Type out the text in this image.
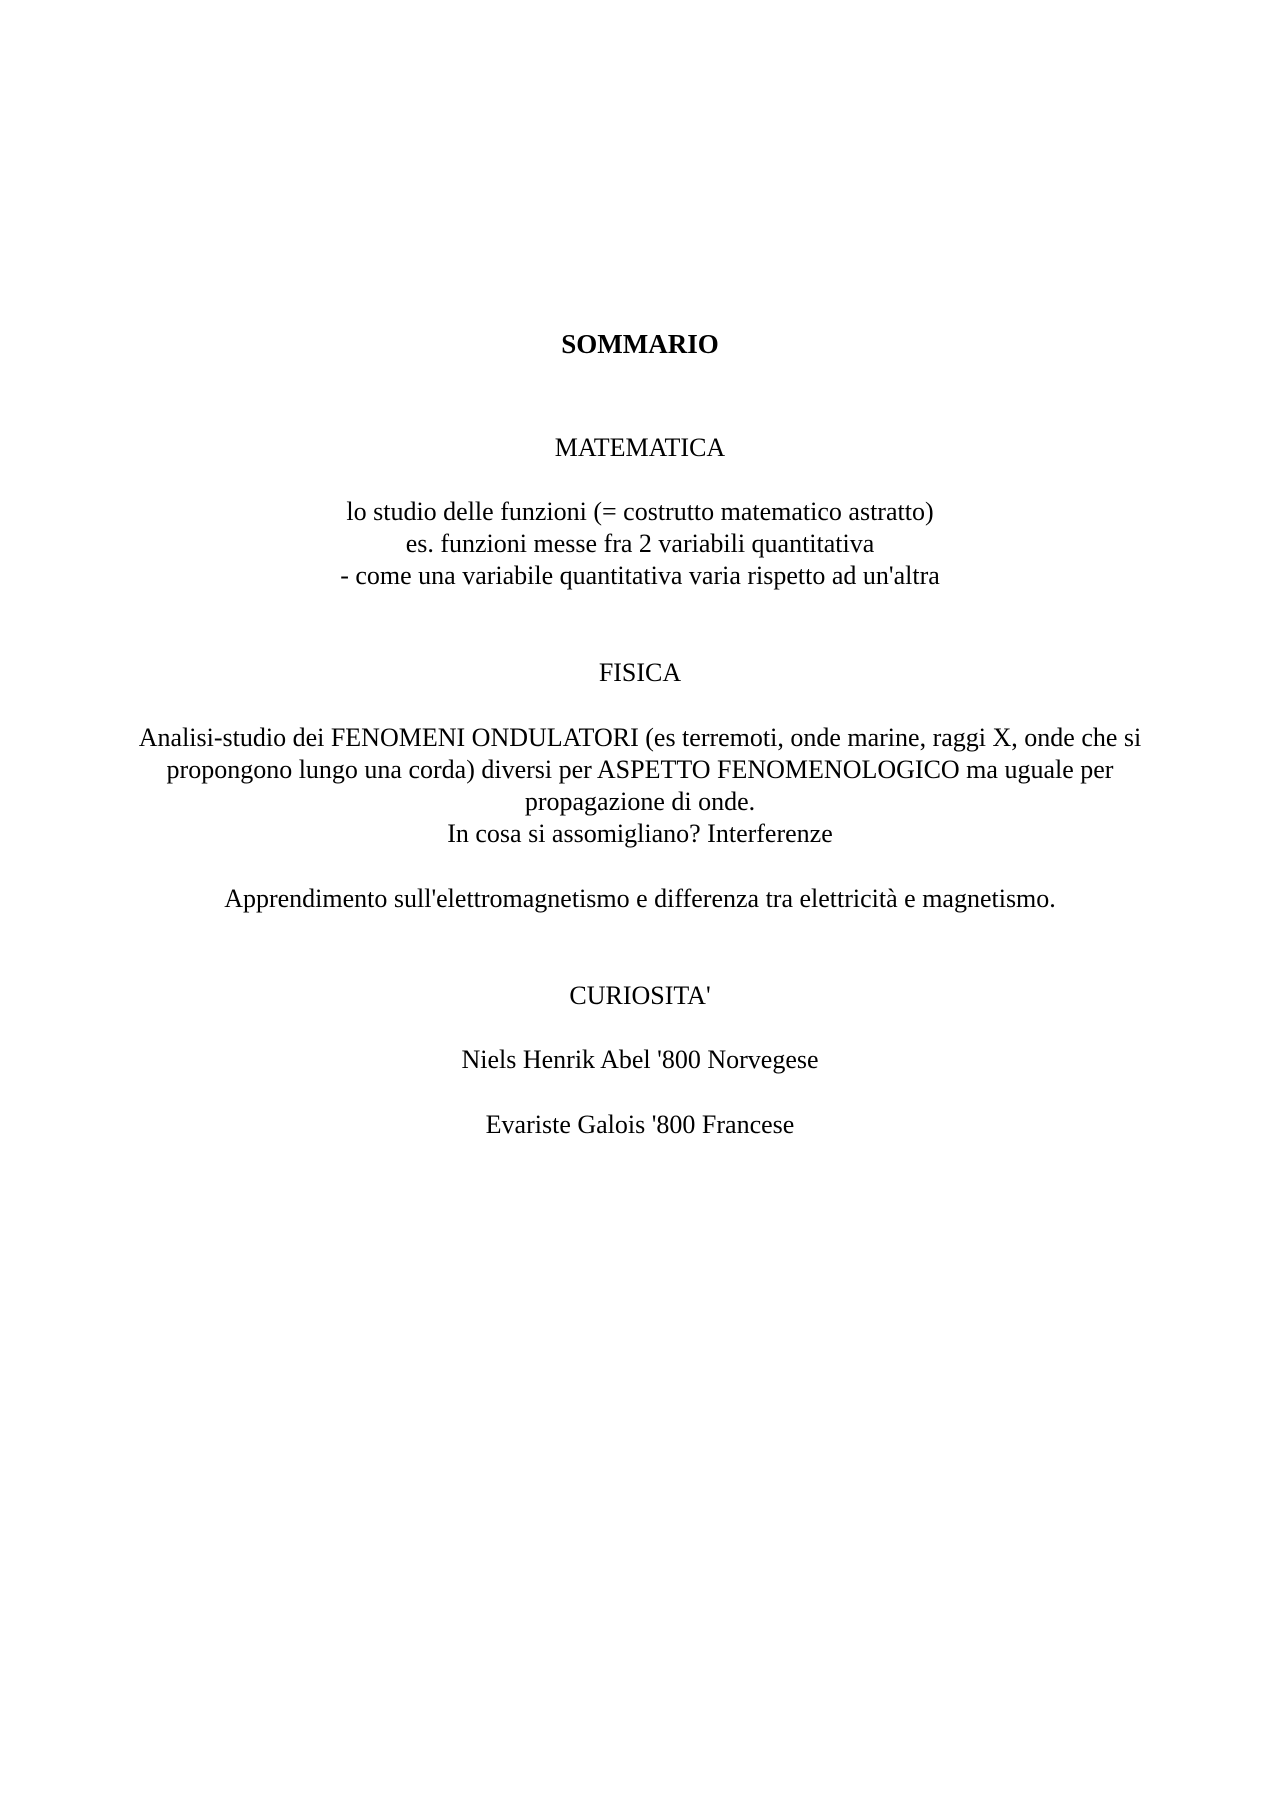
SOMMARIO
MATEMATICA
lo studio delle funzioni (= costrutto matematico astratto)
es. funzioni messe fra 2 variabili quantitativa
- come una variabile quantitativa varia rispetto ad un'altra
FISICA
Analisi-studio dei FENOMENI ONDULATORI (es terremoti, onde marine, raggi X, onde che si
propongono lungo una corda) diversi per ASPETTO FENOMENOLOGICO ma uguale per
propagazione di onde.
In cosa si assomigliano? Interferenze
Apprendimento sull'elettromagnetismo e differenza tra elettricità e magnetismo.
CURIOSITA'
Niels Henrik Abel '800 Norvegese
Evariste Galois '800 Francese
